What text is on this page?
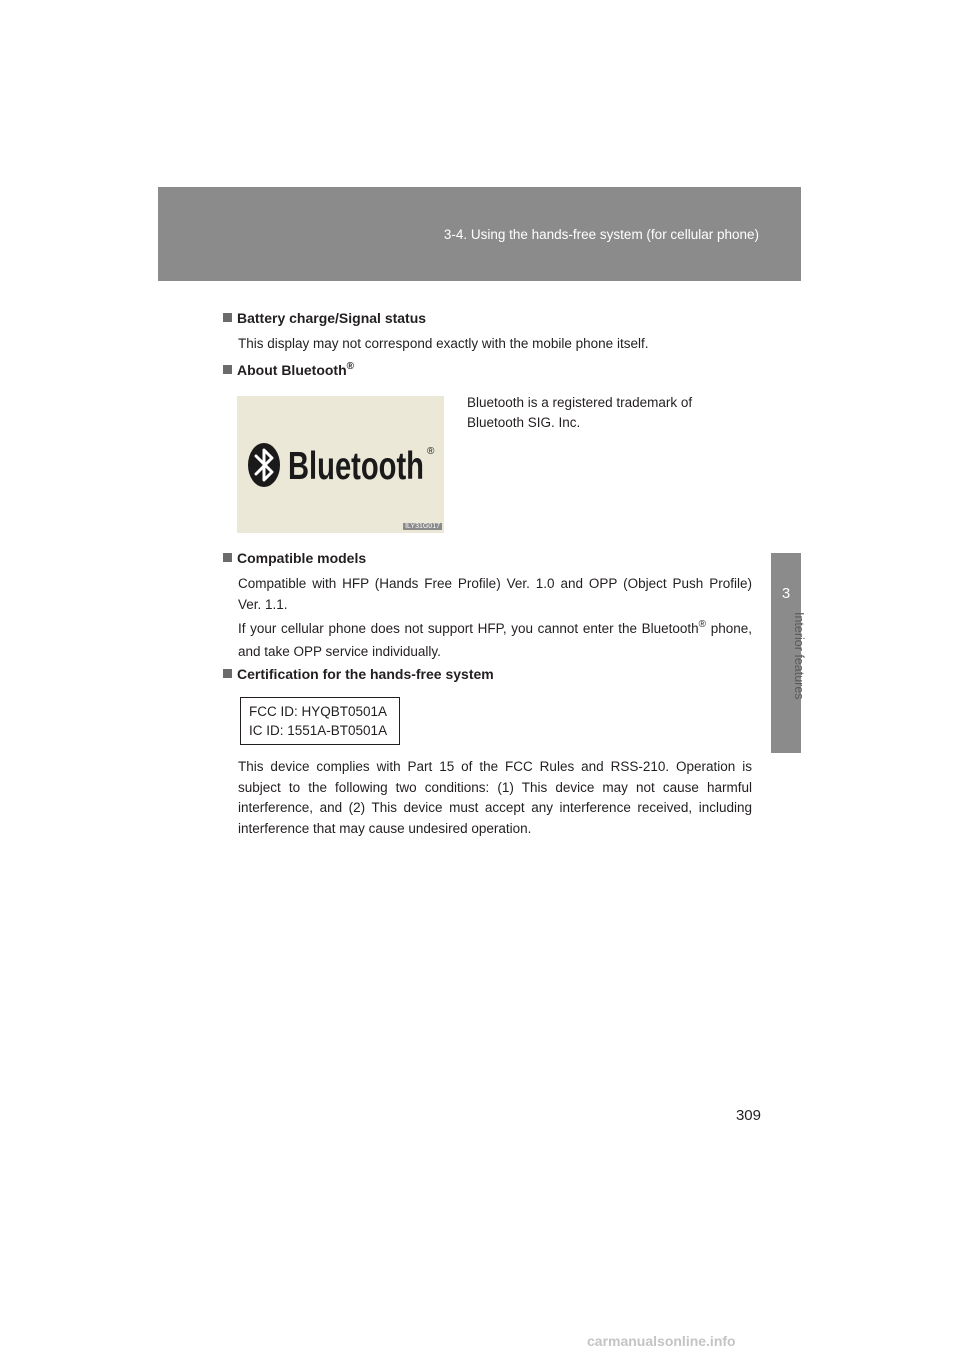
3-4. Using the hands-free system (for cellular phone)
3
Interior features
Battery charge/Signal status

This display may not correspond exactly with the mobile phone itself.

About Bluetooth ®
Bluetooth ®
ILY31G017
Bluetooth is a registered trademark of Bluetooth SIG. Inc.
Compatible models

Compatible with HFP (Hands Free Profile) Ver. 1.0 and OPP (Object Push Profile) Ver. 1.1.

If your cellular phone does not support HFP, you cannot enter the Bluetooth® phone, and take OPP service individually.

Certification for the hands-free system
FCC ID: HYQBT0501A
IC ID: 1551A-BT0501A

This device complies with Part 15 of the FCC Rules and RSS-210. Operation is subject to the following two conditions: (1) This device may not cause harmful interference, and (2) This device must accept any interference received, including interference that may cause undesired operation.

309
carmanualsonline.info
